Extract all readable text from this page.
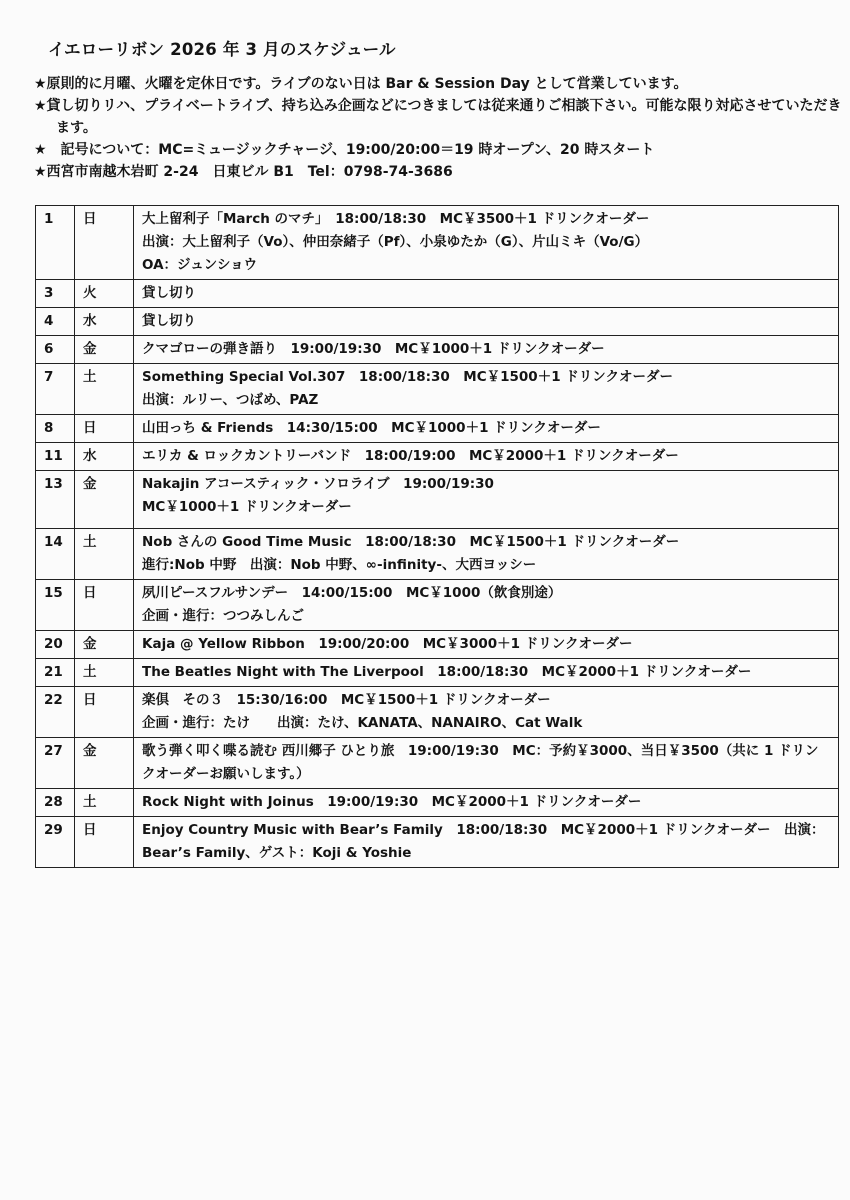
イエローリボン 2026 年 3 月のスケジュール
★原則的に月曜、火曜を定休日です。ライブのない日は Bar & Session Day として営業しています。
★貸し切りリハ、プライベートライブ、持ち込み企画などにつきましては従来通りご相談下さい。可能な限り対応させていただきます。
★　記号について：MC=ミュージックチャージ、19:00/20:00＝19 時オープン、20 時スタート
★西宮市南越木岩町 2-24　日東ビル B1　Tel：0798-74-3686
1	日	大上留利子「March のマチ」　18:00/18:30　MC￥3500＋1 ドリンクオーダー
出演：大上留利子（Vo）、仲田奈緒子（Pf）、小泉ゆたか（G）、片山ミキ（Vo/G）
OA：ジュンショウ

3	火	貸し切り

4	水	貸し切り

6	金	クマゴローの弾き語り　19:00/19:30　MC￥1000＋1 ドリンクオーダー

7	土	Something Special Vol.307　18:00/18:30　MC￥1500＋1 ドリンクオーダー
出演：ルリー、つばめ、PAZ

8	日	山田っち & Friends　14:30/15:00　MC￥1000＋1 ドリンクオーダー

11	水	エリカ & ロックカントリーバンド　18:00/19:00　MC￥2000＋1 ドリンクオーダー

13	金	Nakajin アコースティック・ソロライブ　19:00/19:30
MC￥1000＋1 ドリンクオーダー

14	土	Nob さんの Good Time Music　18:00/18:30　MC￥1500＋1 ドリンクオーダー
進行:Nob 中野　出演：Nob 中野、∞-infinity-、大西ヨッシー

15	日	夙川ピースフルサンデー　14:00/15:00　MC￥1000（飲食別途）
企画・進行：つつみしんご

20	金	Kaja @ Yellow Ribbon　19:00/20:00　MC￥3000＋1 ドリンクオーダー

21	土	The Beatles Night with The Liverpool　18:00/18:30　MC￥2000＋1 ドリンクオーダー

22	日	楽倶　その３　15:30/16:00　MC￥1500＋1 ドリンクオーダー
企画・進行：たけ　　出演：たけ、KANATA、NANAIRO、Cat Walk

27	金	歌う弾く叩く喋る読む 西川郷子 ひとり旅　19:00/19:30　MC：予約￥3000、当日￥3500（共に 1 ドリンクオーダーお願いします。）

28	土	Rock Night with Joinus　19:00/19:30　MC￥2000＋1 ドリンクオーダー

29	日	Enjoy Country Music with Bear’s Family　18:00/18:30　MC￥2000＋1 ドリンクオーダー　出演：Bear’s Family、ゲスト：Koji & Yoshie
